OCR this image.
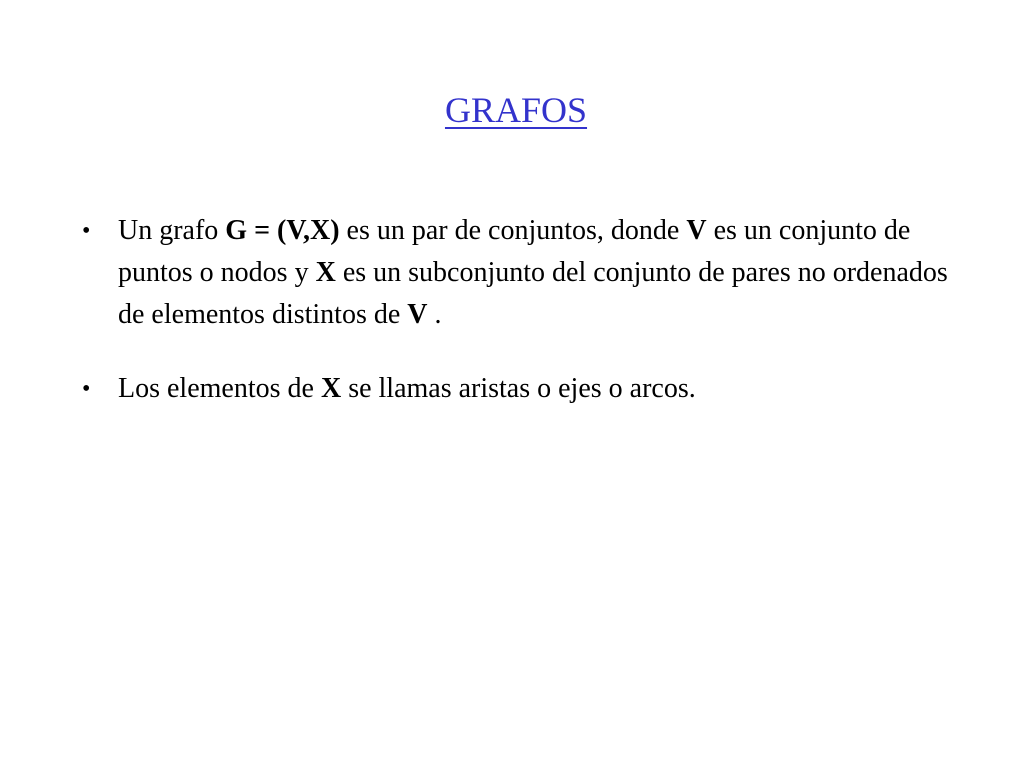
GRAFOS
• Un grafo G = (V,X) es un par de conjuntos, donde V es un conjunto de puntos o nodos y X es un subconjunto del conjunto de pares no ordenados de elementos distintos de V .
• Los elementos de X se llamas aristas o ejes o arcos.
